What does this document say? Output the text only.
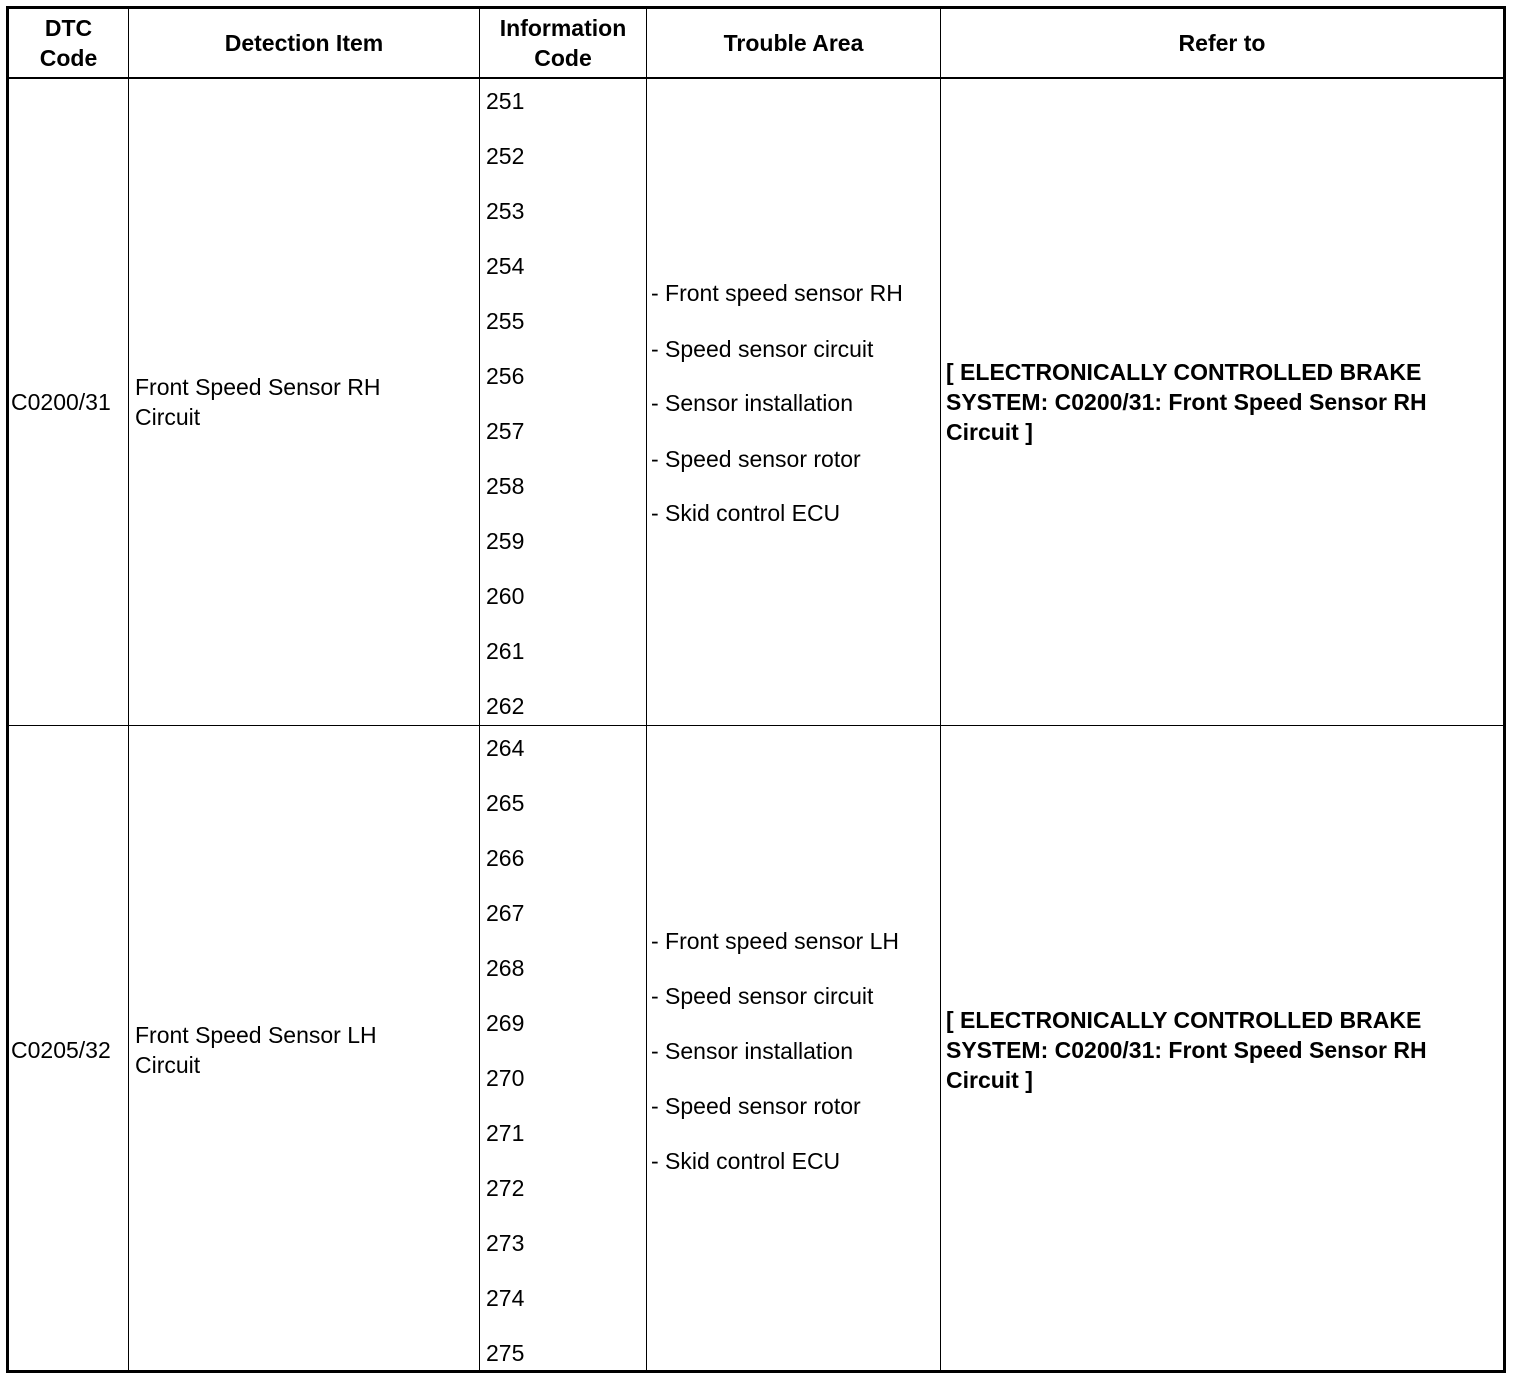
DTC
Code
Detection Item
Information
Code
Trouble Area	Refer to
C0200/31
Front Speed Sensor RH
Circuit
251
252
253
254
255
256
257
258
259
260
261
262
- Front speed sensor RH
- Speed sensor circuit
- Sensor installation
- Speed sensor rotor
- Skid control ECU
[ ELECTRONICALLY CONTROLLED BRAKE
SYSTEM: C0200/31: Front Speed Sensor RH
Circuit ]
C0205/32
Front Speed Sensor LH
Circuit
264
265
266
267
268
269
270
271
272
273
274
275
- Front speed sensor LH
- Speed sensor circuit
- Sensor installation
- Speed sensor rotor
- Skid control ECU
[ ELECTRONICALLY CONTROLLED BRAKE
SYSTEM: C0200/31: Front Speed Sensor RH
Circuit ]
